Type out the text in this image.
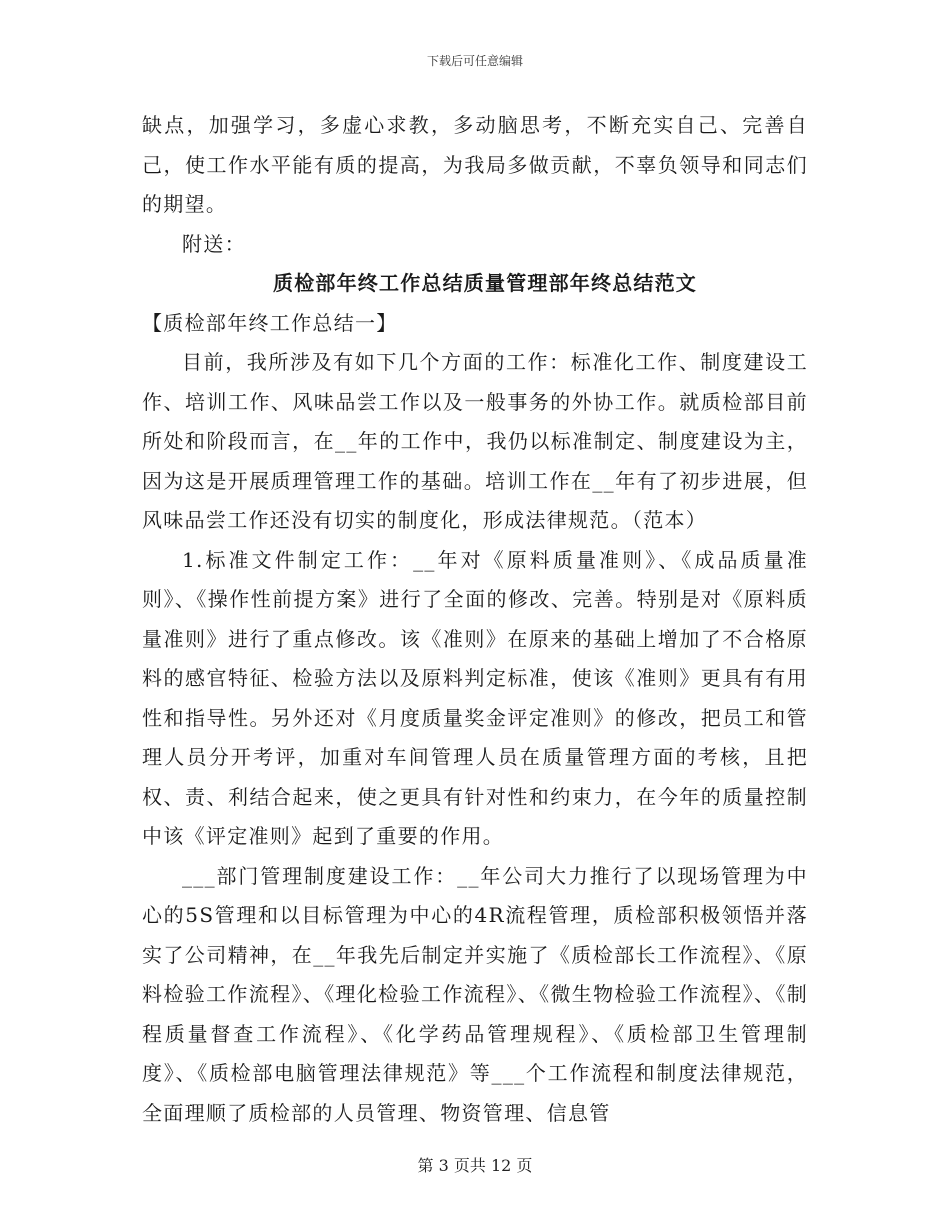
下载后可任意编辑

缺点，加强学习，多虚心求教，多动脑思考，不断充实自己、完善自己，使工作水平能有质的提高，为我局多做贡献，不辜负领导和同志们的期望。

附送：

质检部年终工作总结质量管理部年终总结范文

【质检部年终工作总结一】

目前，我所涉及有如下几个方面的工作：标准化工作、制度建设工作、培训工作、风味品尝工作以及一般事务的外协工作。就质检部目前所处和阶段而言，在__年的工作中，我仍以标准制定、制度建设为主，因为这是开展质理管理工作的基础。培训工作在__年有了初步进展，但风味品尝工作还没有切实的制度化，形成法律规范。（范本）

1.标准文件制定工作：__年对《原料质量准则》、《成品质量准则》、《操作性前提方案》进行了全面的修改、完善。特别是对《原料质量准则》进行了重点修改。该《准则》在原来的基础上增加了不合格原料的感官特征、检验方法以及原料判定标准，使该《准则》更具有有用性和指导性。另外还对《月度质量奖金评定准则》的修改，把员工和管理人员分开考评，加重对车间管理人员在质量管理方面的考核，且把权、责、利结合起来，使之更具有针对性和约束力，在今年的质量控制中该《评定准则》起到了重要的作用。

___部门管理制度建设工作：__年公司大力推行了以现场管理为中心的5S管理和以目标管理为中心的4R流程管理，质检部积极领悟并落实了公司精神，在__年我先后制定并实施了《质检部长工作流程》、《原料检验工作流程》、《理化检验工作流程》、《微生物检验工作流程》、《制程质量督查工作流程》、《化学药品管理规程》、《质检部卫生管理制度》、《质检部电脑管理法律规范》等___个工作流程和制度法律规范，全面理顺了质检部的人员管理、物资管理、信息管

第 3 页共 12 页
